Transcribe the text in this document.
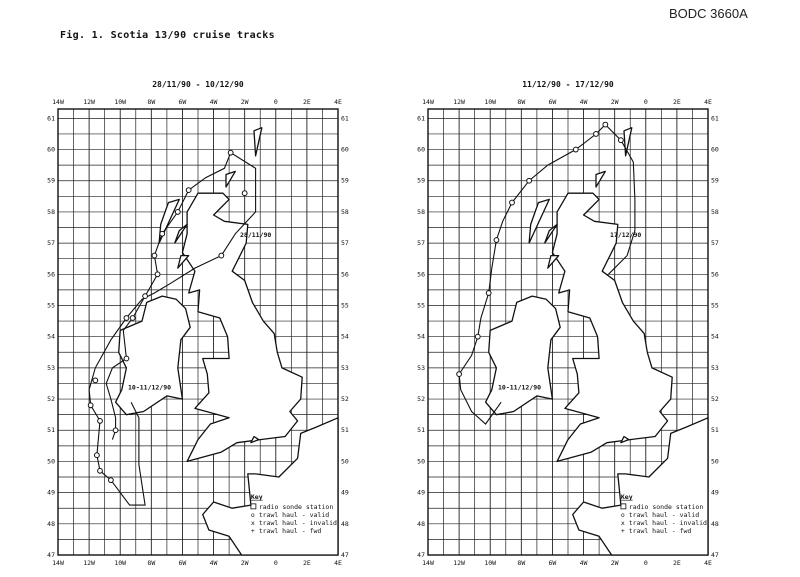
BODC 3660A
Fig. 1. Scotia 13/90 cruise tracks
28/11/90 - 10/12/90
14W
14W
12W
12W
10W
10W
8W
8W
6W
6W
4W
4W
2W
2W
0
0
2E
2E
4E
4E
61	61
60	60
59	59
58	58
57	57
56	56
55	55
54	54
53	53
52	52
51	51
50	50
49	49
48	48
47	47
28/11/90
10-11/12/90
Key
radio sonde station
o trawl haul - valid
x trawl haul - invalid
+ trawl haul - fwd
11/12/90 - 17/12/90
14W
14W
12W
12W
10W
10W
8W
8W
6W
6W
4W
4W
2W
2W
0
0
2E
2E
4E
4E
61	61
60	60
59	59
58	58
57	57
56	56
55	55
54	54
53	53
52	52
51	51
50	50
49	49
48	48
47	47
17/12/90
10-11/12/90
Key
radio sonde station
o trawl haul - valid
x trawl haul - invalid
+ trawl haul - fwd
